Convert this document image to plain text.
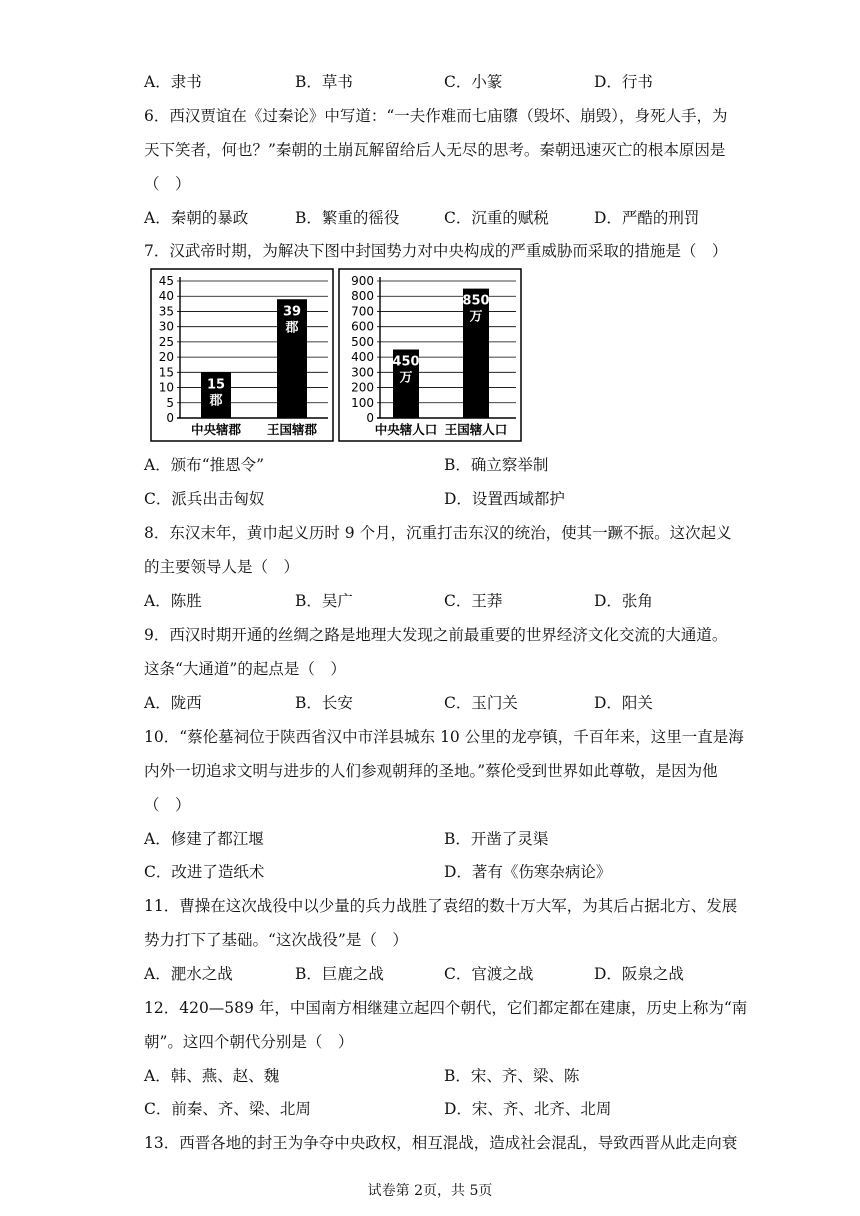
A．隶书	B．草书	C．小篆	D．行书
6．西汉贾谊在《过秦论》中写道：“一夫作难而七庙隳（毁坏、崩毁），身死人手，为
天下笑者，何也？”秦朝的土崩瓦解留给后人无尽的思考。秦朝迅速灭亡的根本原因是
（　）
A．秦朝的暴政	B．繁重的徭役	C．沉重的赋税	D．严酷的刑罚
7．汉武帝时期，为解决下图中封国势力对中央构成的严重威胁而采取的措施是（　）
0
5
10
15
20
25
30
35
40
45
15
郡
中央辖郡
39
郡
王国辖郡
0
100
200
300
400
500
600
700
800
900
450
万
中央辖人口
850
万
王国辖人口
A．颁布“推恩令”	B．确立察举制
C．派兵出击匈奴	D．设置西域都护
8．东汉末年，黄巾起义历时 9 个月，沉重打击东汉的统治，使其一蹶不振。这次起义
的主要领导人是（　）
A．陈胜	B．吴广	C．王莽	D．张角
9．西汉时期开通的丝绸之路是地理大发现之前最重要的世界经济文化交流的大通道。
这条“大通道”的起点是（　）
A．陇西	B．长安	C．玉门关	D．阳关
10．“蔡伦墓祠位于陕西省汉中市洋县城东 10 公里的龙亭镇，千百年来，这里一直是海
内外一切追求文明与进步的人们参观朝拜的圣地。”蔡伦受到世界如此尊敬，是因为他
（　）
A．修建了都江堰	B．开凿了灵渠
C．改进了造纸术	D．著有《伤寒杂病论》
11．曹操在这次战役中以少量的兵力战胜了袁绍的数十万大军，为其后占据北方、发展
势力打下了基础。“这次战役”是（　）
A．淝水之战	B．巨鹿之战	C．官渡之战	D．阪泉之战
12．420—589 年，中国南方相继建立起四个朝代，它们都定都在建康，历史上称为“南
朝”。这四个朝代分别是（　）
A．韩、燕、赵、魏	B．宋、齐、梁、陈
C．前秦、齐、梁、北周	D．宋、齐、北齐、北周
13．西晋各地的封王为争夺中央政权，相互混战，造成社会混乱，导致西晋从此走向衰
试卷第 2页，共 5页
